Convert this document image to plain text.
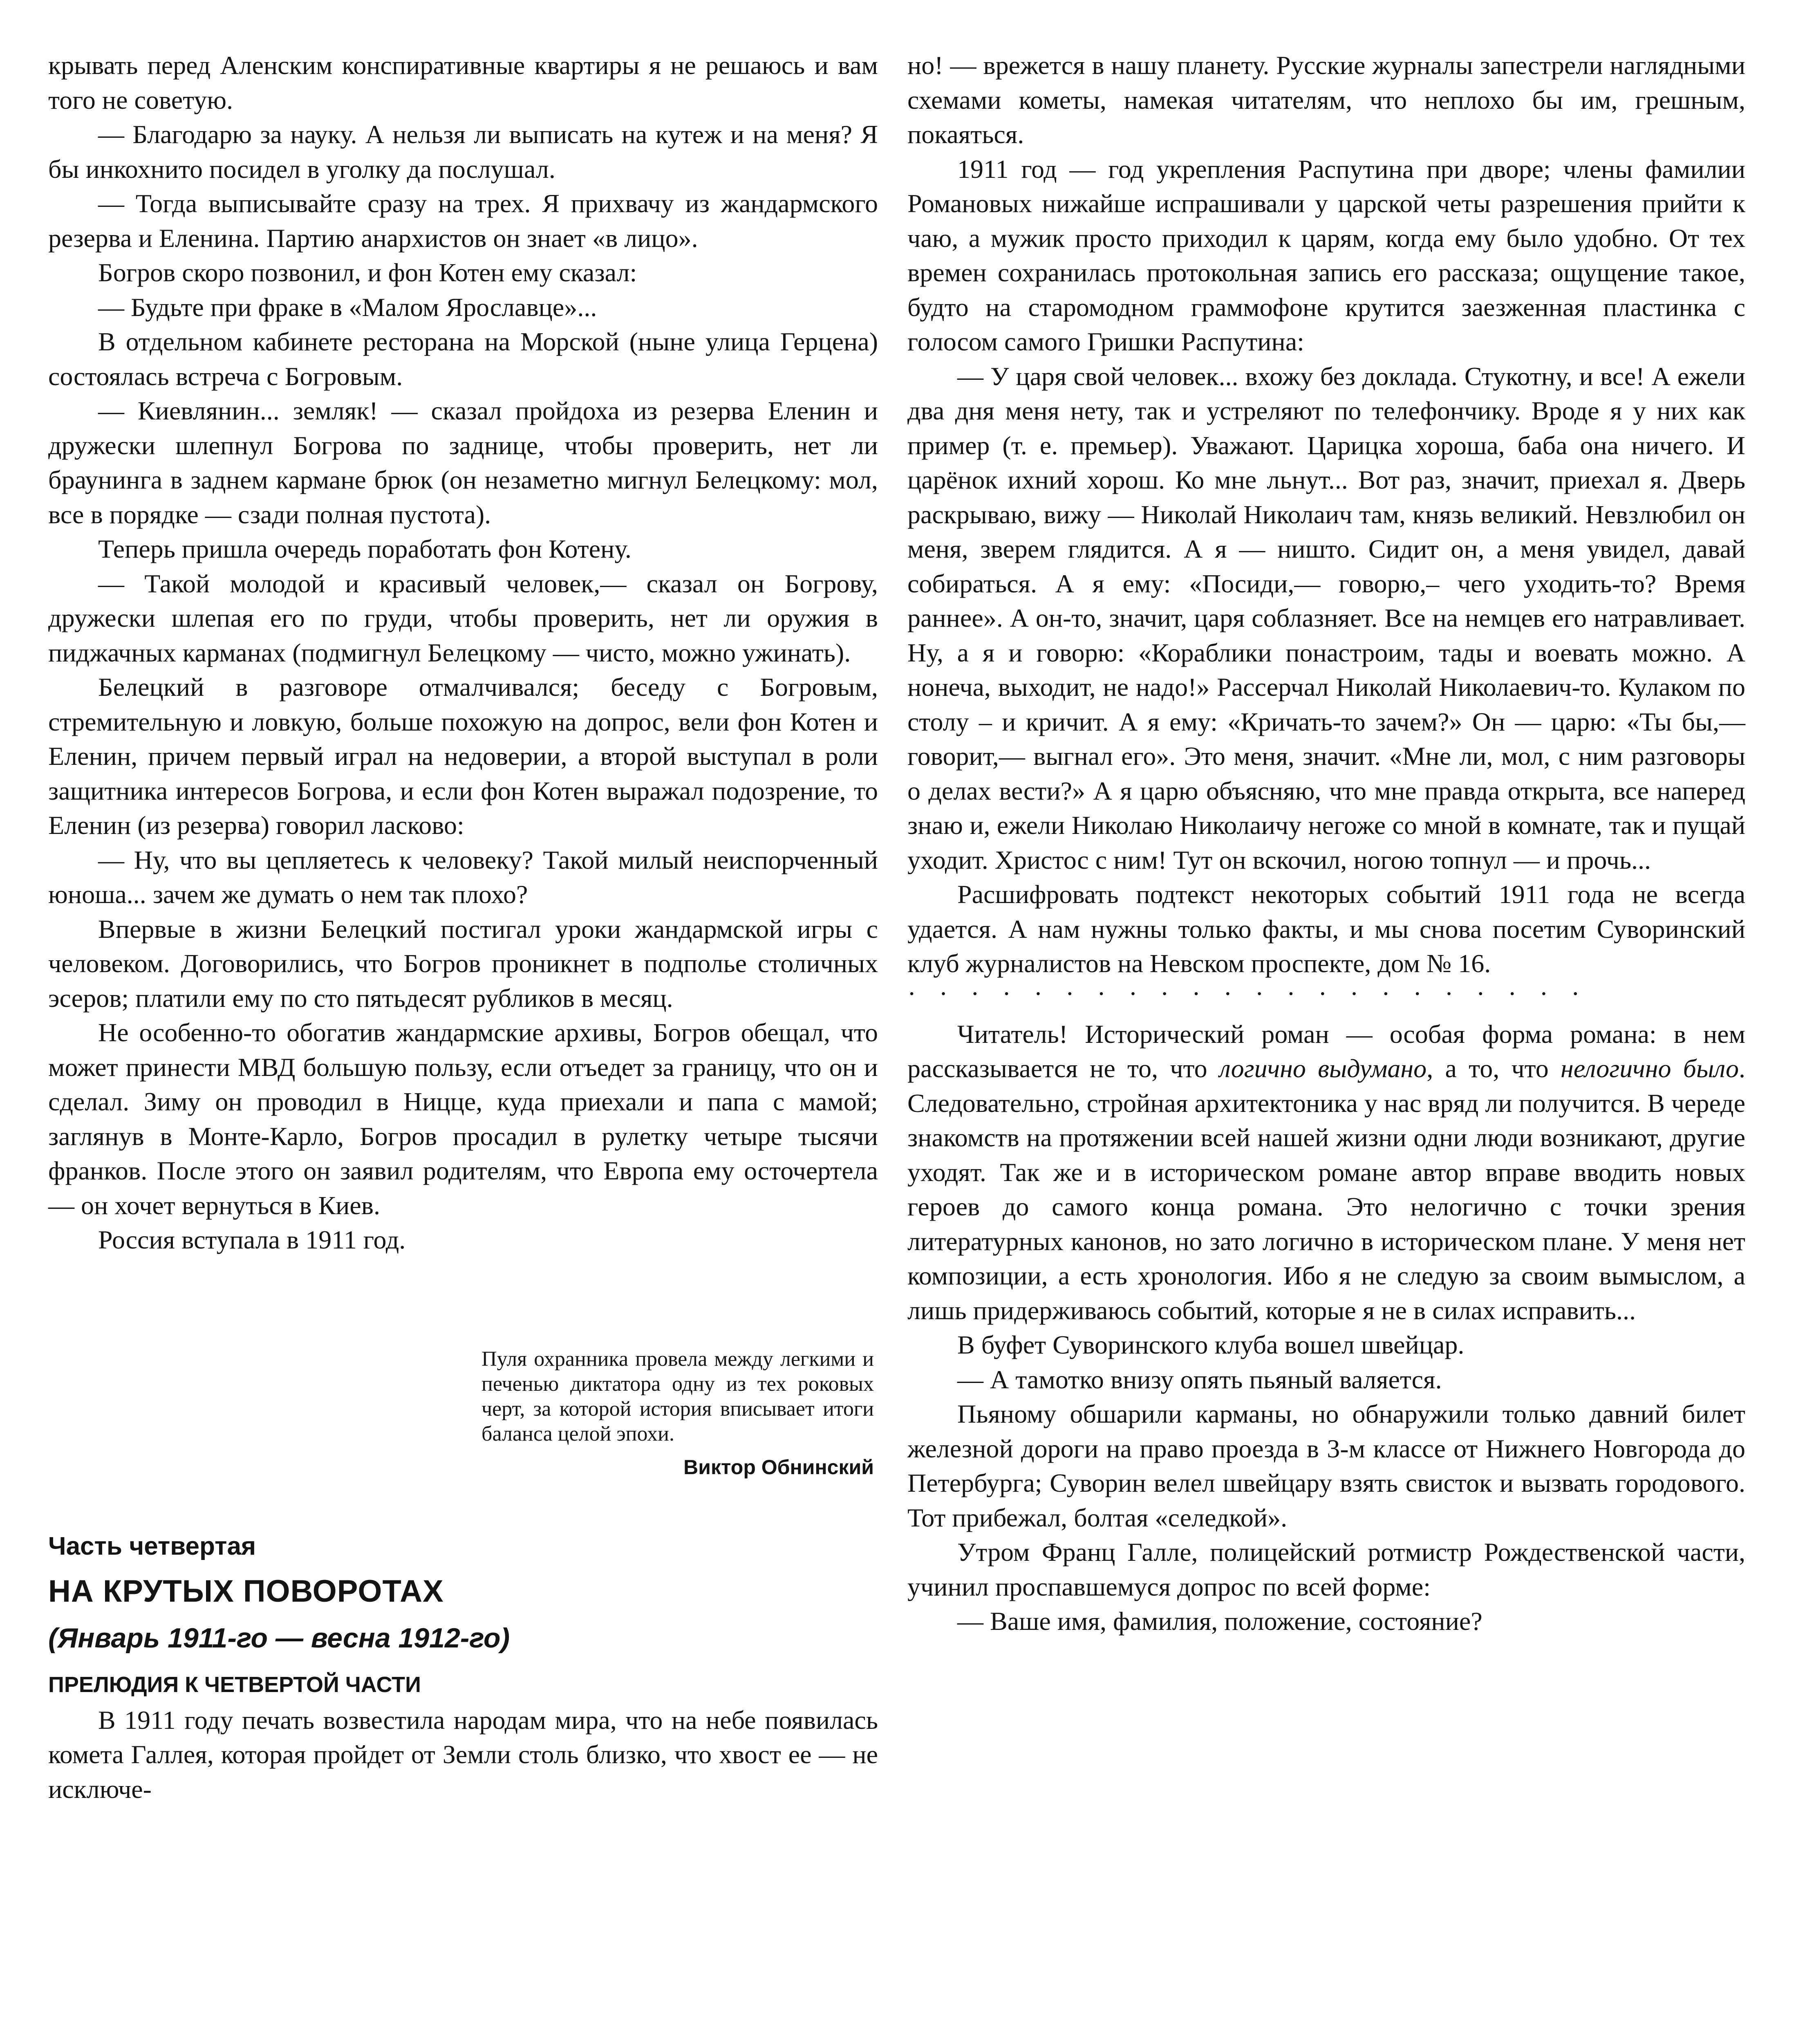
крывать перед Аленским конспиративные квартиры я не решаюсь и вам того не советую.

— Благодарю за науку. А нельзя ли выписать на кутеж и на меня? Я бы инкохнито посидел в уголку да послушал.

— Тогда выписывайте сразу на трех. Я прихвачу из жандармского резерва и Еленина. Партию анархистов он знает «в лицо».

Богров скоро позвонил, и фон Котен ему сказал:

— Будьте при фраке в «Малом Ярославце»...

В отдельном кабинете ресторана на Морской (ныне улица Герцена) состоялась встреча с Богровым.

— Киевлянин... земляк! — сказал пройдоха из резерва Еленин и дружески шлепнул Богрова по заднице, чтобы проверить, нет ли браунинга в заднем кармане брюк (он незаметно мигнул Белецкому: мол, все в порядке — сзади полная пустота).

Теперь пришла очередь поработать фон Котену.

— Такой молодой и красивый человек,— сказал он Богрову, дружески шлепая его по груди, чтобы проверить, нет ли оружия в пиджачных карманах (подмигнул Белецкому — чисто, можно ужинать).

Белецкий в разговоре отмалчивался; беседу с Богровым, стремительную и ловкую, больше похожую на допрос, вели фон Котен и Еленин, причем первый играл на недоверии, а второй выступал в роли защитника интересов Богрова, и если фон Котен выражал подозрение, то Еленин (из резерва) говорил ласково:

— Ну, что вы цепляетесь к человеку? Такой милый неиспорченный юноша... зачем же думать о нем так плохо?

Впервые в жизни Белецкий постигал уроки жандармской игры с человеком. Договорились, что Богров проникнет в подполье столичных эсеров; платили ему по сто пятьдесят рубликов в месяц.

Не особенно-то обогатив жандармские архивы, Богров обещал, что может принести МВД большую пользу, если отъедет за границу, что он и сделал. Зиму он проводил в Ницце, куда приехали и папа с мамой; заглянув в Монте-Карло, Богров просадил в рулетку четыре тысячи франков. После этого он заявил родителям, что Европа ему осточертела — он хочет вернуться в Киев.

Россия вступала в 1911 год.

Пуля охранника провела между легкими и печенью диктатора одну из тех роковых черт, за которой история вписывает итоги баланса целой эпохи.

Виктор Обнинский
Часть четвертая
НА КРУТЫХ ПОВОРОТАХ
(Январь 1911-го — весна 1912-го)
ПРЕЛЮДИЯ К ЧЕТВЕРТОЙ ЧАСТИ

В 1911 году печать возвестила народам мира, что на небе появилась комета Галлея, которая пройдет от Земли столь близко, что хвост ее — не исключе-

но! — врежется в нашу планету. Русские журналы запестрели наглядными схемами кометы, намекая читателям, что неплохо бы им, грешным, покаяться.

1911 год — год укрепления Распутина при дворе; члены фамилии Романовых нижайше испрашивали у царской четы разрешения прийти к чаю, а мужик просто приходил к царям, когда ему было удобно. От тех времен сохранилась протокольная запись его рассказа; ощущение такое, будто на старомодном граммофоне крутится заезженная пластинка с голосом самого Гришки Распутина:

— У царя свой человек... вхожу без доклада. Стукотну, и все! А ежели два дня меня нету, так и устреляют по телефончику. Вроде я у них как пример (т. е. премьер). Уважают. Царицка хороша, баба она ничего. И царёнок ихний хорош. Ко мне льнут... Вот раз, значит, приехал я. Дверь раскрываю, вижу — Николай Николаич там, князь великий. Невзлюбил он меня, зверем глядится. А я — ништо. Сидит он, а меня увидел, давай собираться. А я ему: «Посиди,— говорю,– чего уходить-то? Время раннее». А он-то, значит, царя соблазняет. Все на немцев его натравливает. Ну, а я и говорю: «Кораблики понастроим, тады и воевать можно. А нонеча, выходит, не надо!» Рассерчал Николай Николаевич-то. Кулаком по столу – и кричит. А я ему: «Кричать-то зачем?» Он — царю: «Ты бы,— говорит,— выгнал его». Это меня, значит. «Мне ли, мол, с ним разговоры о делах вести?» А я царю объясняю, что мне правда открыта, все наперед знаю и, ежели Николаю Николаичу негоже со мной в комнате, так и пущай уходит. Христос с ним! Тут он вскочил, ногою топнул — и прочь...

Расшифровать подтекст некоторых событий 1911 года не всегда удается. А нам нужны только факты, и мы снова посетим Суворинский клуб журналистов на Невском проспекте, дом № 16.

· · · · · · · · · · · · · · · · · · · · · ·

Читатель! Исторический роман — особая форма романа: в нем рассказывается не то, что логично выдумано, а то, что нелогично было. Следовательно, стройная архитектоника у нас вряд ли получится. В череде знакомств на протяжении всей нашей жизни одни люди возникают, другие уходят. Так же и в историческом романе автор вправе вводить новых героев до самого конца романа. Это нелогично с точки зрения литературных канонов, но зато логично в историческом плане. У меня нет композиции, а есть хронология. Ибо я не следую за своим вымыслом, а лишь придерживаюсь событий, которые я не в силах исправить...

В буфет Суворинского клуба вошел швейцар.

— А тамотко внизу опять пьяный валяется.

Пьяному обшарили карманы, но обнаружили только давний билет железной дороги на право проезда в 3-м классе от Нижнего Новгорода до Петербурга; Суворин велел швейцару взять свисток и вызвать городового. Тот прибежал, болтая «селедкой».

Утром Франц Галле, полицейский ротмистр Рождественской части, учинил проспавшемуся допрос по всей форме:

— Ваше имя, фамилия, положение, состояние?
